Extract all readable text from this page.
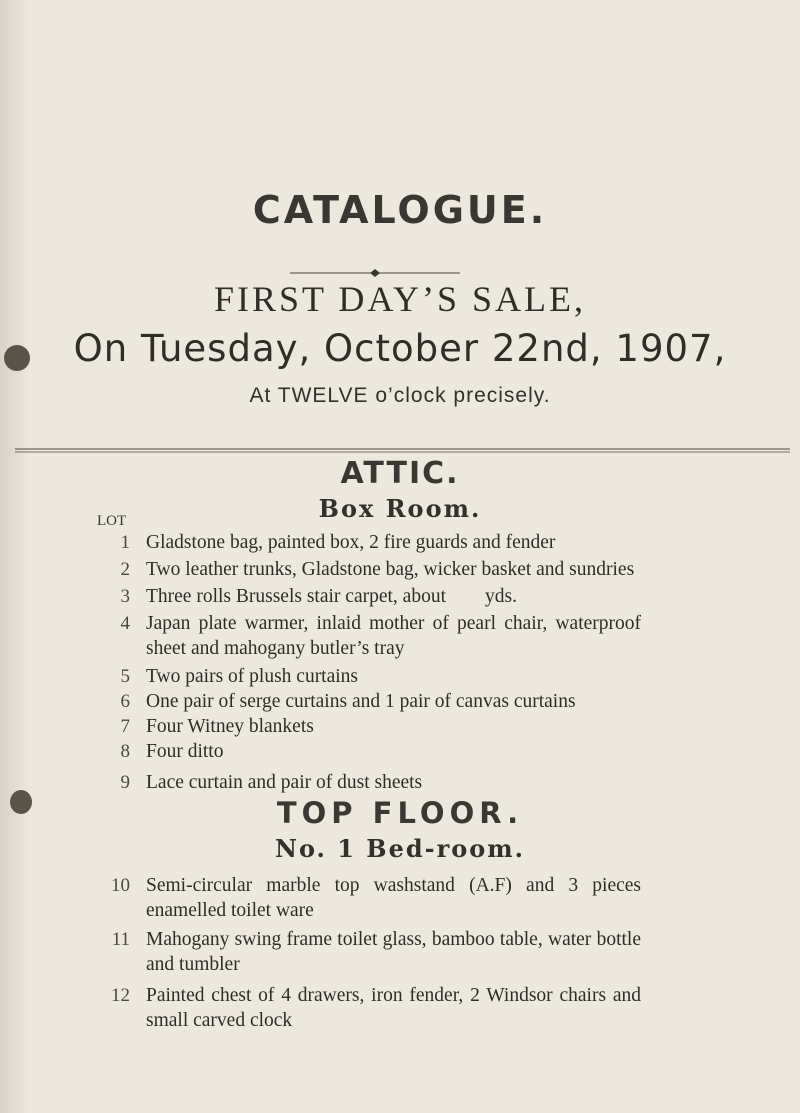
CATALOGUE.
FIRST DAY’S SALE,
On Tuesday, October 22nd, 1907,
At TWELVE o’clock precisely.
ATTIC.
Box Room.
LOT
1 Gladstone bag, painted box, 2 fire guards and fender
2 Two leather trunks, Gladstone bag, wicker basket and sundries
3 Three rolls Brussels stair carpet, about        yds.
4 Japan plate warmer, inlaid mother of pearl chair, waterproof sheet and mahogany butler’s tray
5 Two pairs of plush curtains
6 One pair of serge curtains and 1 pair of canvas curtains
7 Four Witney blankets
8 Four ditto
9 Lace curtain and pair of dust sheets
TOP FLOOR.
No. 1 Bed-room.
10 Semi-circular marble top washstand (A.F) and 3 pieces enamelled toilet ware
11 Mahogany swing frame toilet glass, bamboo table, water bottle and tumbler
12 Painted chest of 4 drawers, iron fender, 2 Windsor chairs and small carved clock
